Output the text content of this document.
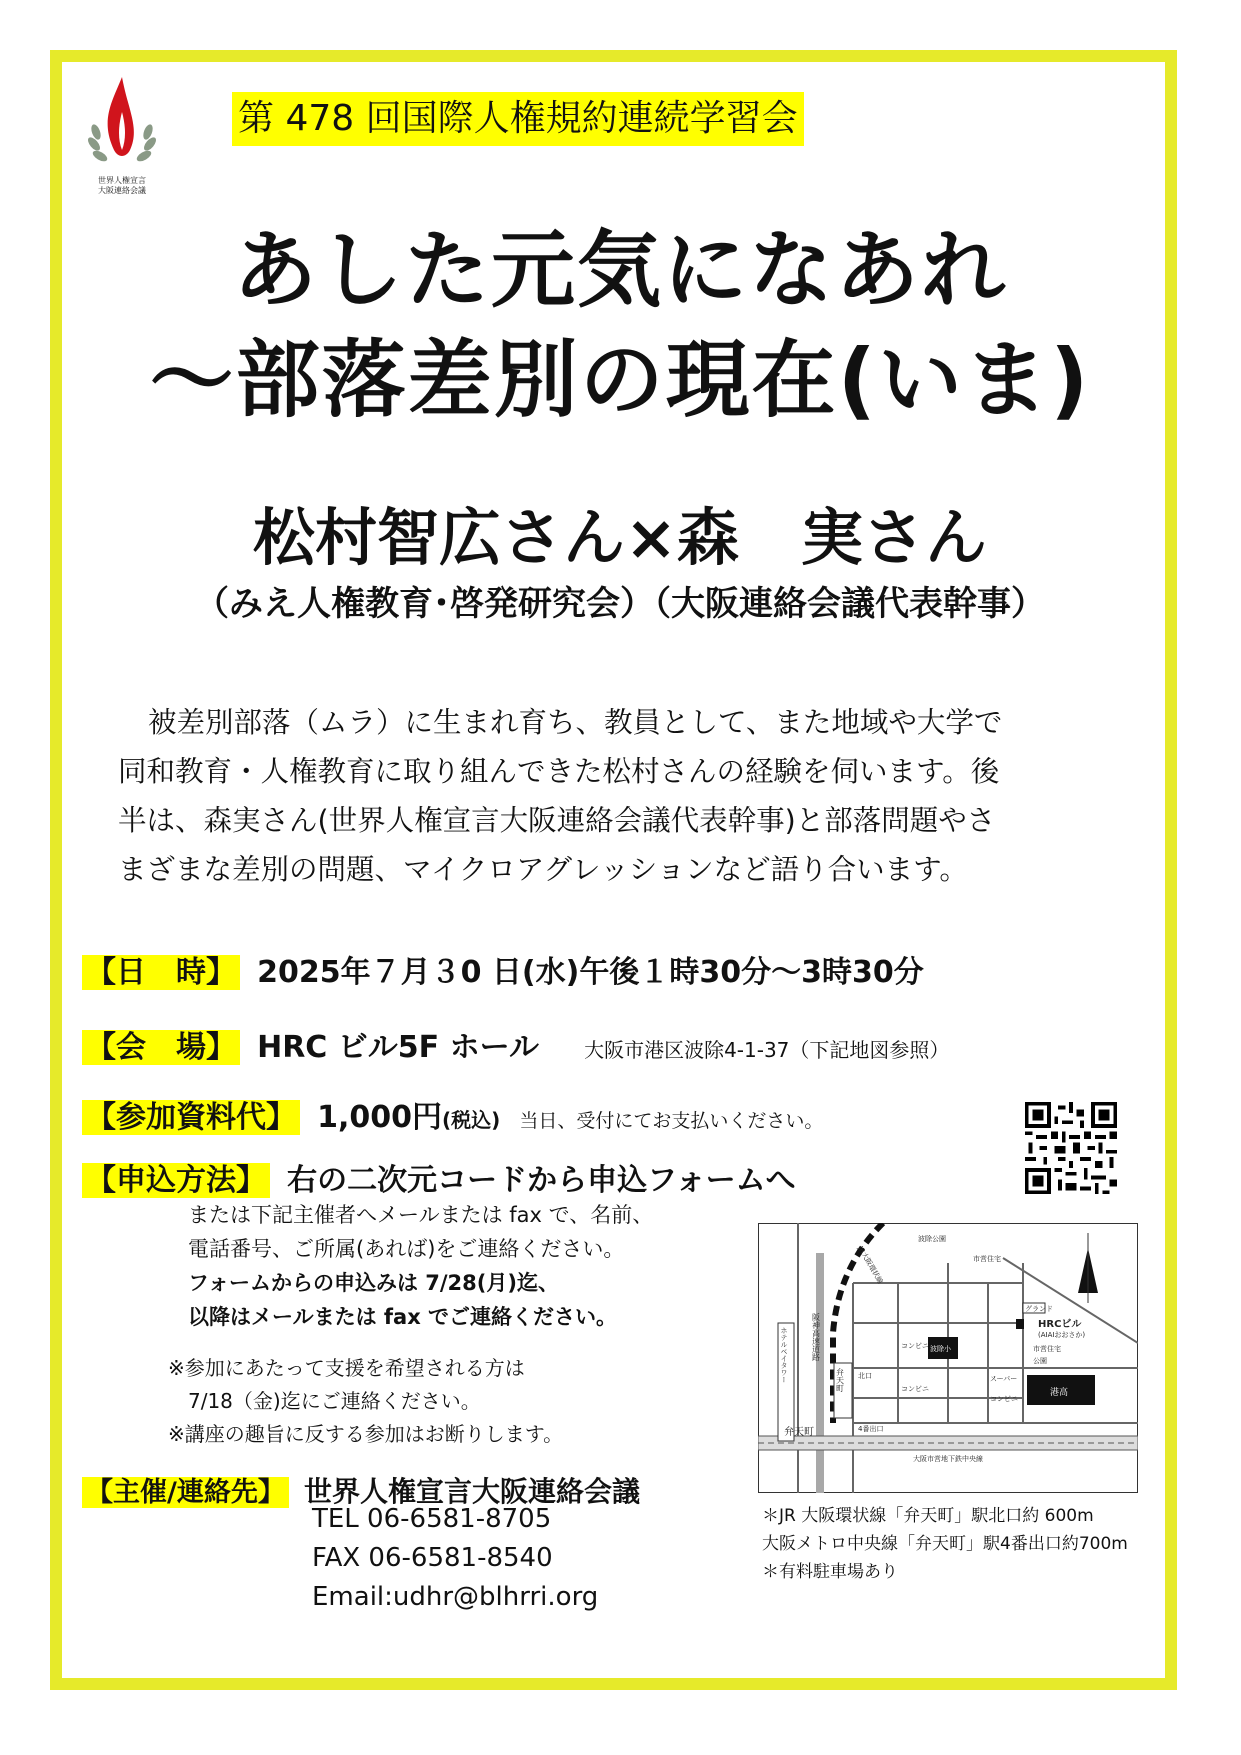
世界人権宣言
大阪連絡会議
第 478 回国際人権規約連続学習会
あした元気になあれ
～部落差別の現在(いま)
松村智広さん×森　実さん
（みえ人権教育･啓発研究会）（大阪連絡会議代表幹事）

被差別部落（ムラ）に生まれ育ち、教員として、また地域や大学で

同和教育・人権教育に取り組んできた松村さんの経験を伺います。後

半は、森実さん(世界人権宣言大阪連絡会議代表幹事)と部落問題やさ

まざまな差別の問題、マイクロアグレッションなど語り合います。

【日　時】 2025年７月３0 日(水)午後１時30分～3時30分
【会　場】 HRC ビル5F ホール 大阪市港区波除4-1-37（下記地図参照）
【参加資料代】 1,000円(税込) 当日、受付にてお支払いください。
【申込方法】 右の二次元コードから申込フォームへ

または下記主催者へメールまたは fax で、名前、

電話番号、ご所属(あれば)をご連絡ください。

フォームからの申込みは 7/28(月)迄、

以降はメールまたは fax でご連絡ください。

※参加にあたって支援を希望される方は

　7/18（金)迄にご連絡ください。

※講座の趣旨に反する参加はお断りします。

【主催/連絡先】 世界人権宣言大阪連絡会議

TEL 06-6581-8705

FAX 06-6581-8540

Email:udhr@blhrri.org

JR大阪環状線
阪神高速道路
ホテルベイタワー	弁天町
弁天町
波除公園
市営住宅
グランド
HRCビル
(AIAIおおさか)
市営住宅
公園
コンビニ 波除小
スーパー
北口
コンビニ
コンビニ
4番出口
港高
大阪市営地下鉄中央線

＊JR 大阪環状線「弁天町」駅北口約 600m

大阪メトロ中央線「弁天町」駅4番出口約700m

＊有料駐車場あり
